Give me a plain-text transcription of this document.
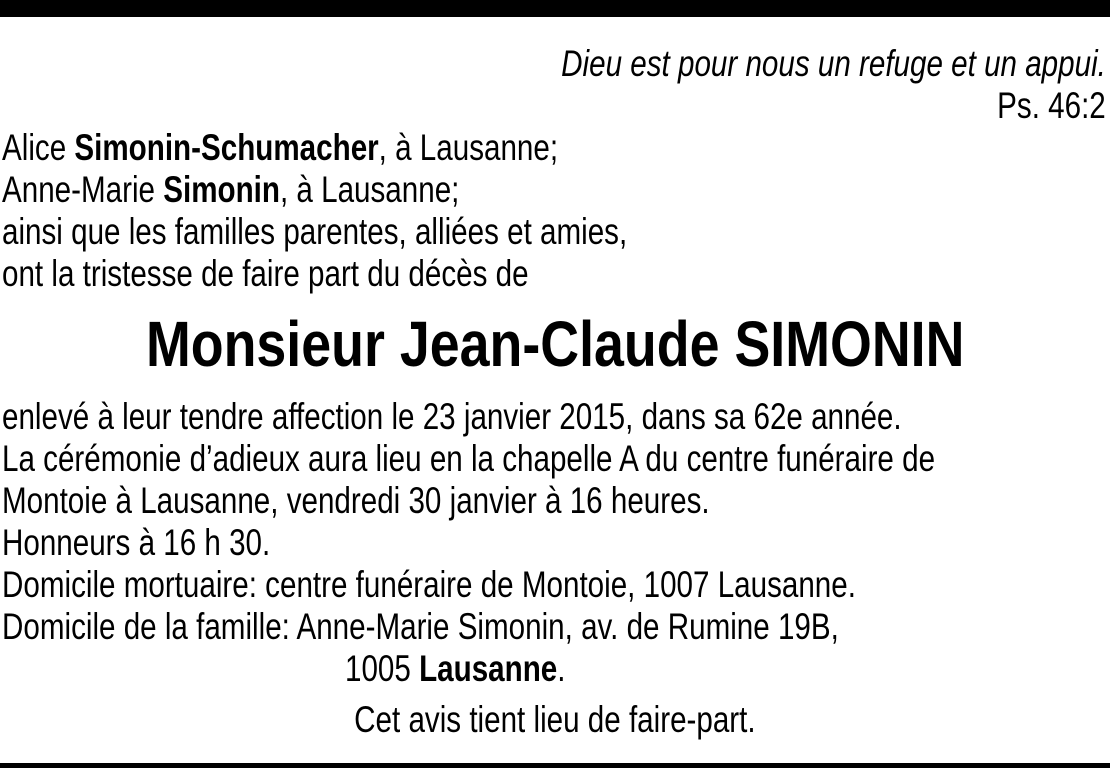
Dieu est pour nous un refuge et un appui.
Ps. 46:2
Alice Simonin-Schumacher, à Lausanne;
Anne-Marie Simonin, à Lausanne;
ainsi que les familles parentes, alliées et amies,
ont la tristesse de faire part du décès de
Monsieur Jean-Claude SIMONIN
enlevé à leur tendre affection le 23 janvier 2015, dans sa 62e année.
La cérémonie d’adieux aura lieu en la chapelle A du centre funéraire de
Montoie à Lausanne, vendredi 30 janvier à 16 heures.
Honneurs à 16 h 30.
Domicile mortuaire: centre funéraire de Montoie, 1007 Lausanne.
Domicile de la famille: Anne-Marie Simonin, av. de Rumine 19B,
1005 Lausanne.
Cet avis tient lieu de faire-part.
